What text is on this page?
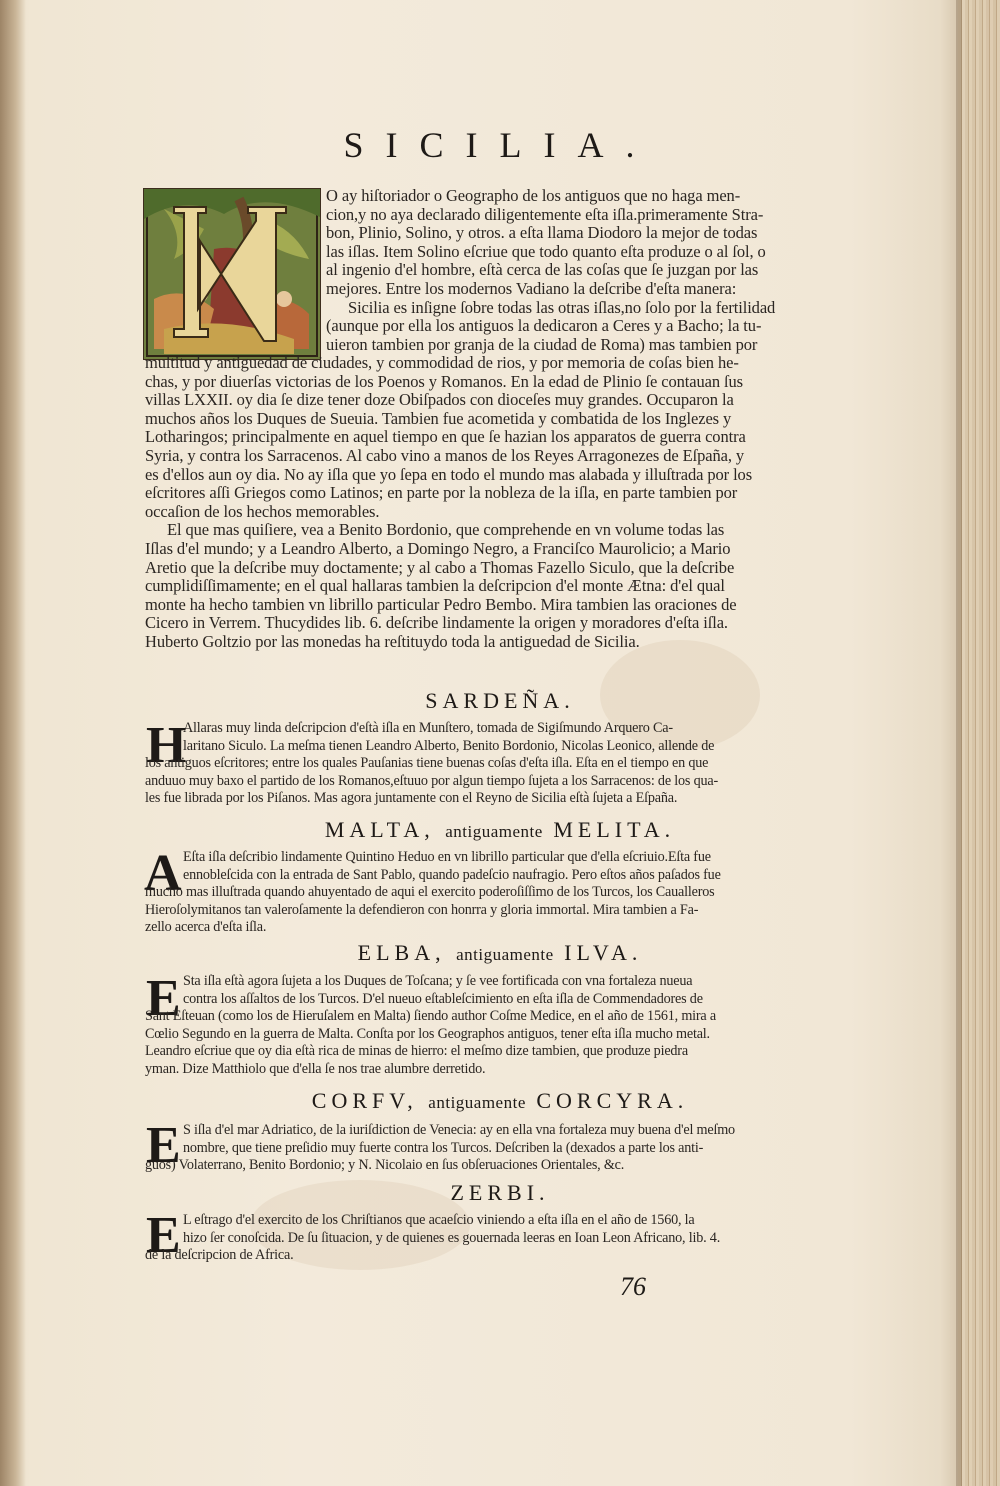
SICILIA.
O ay hiſtoriador o Geographo de los antiguos que no haga men-
cion,y no aya declarado diligentemente eſta iſla.primeramente Stra-
bon, Plinio, Solino, y otros. a eſta llama Diodoro la mejor de todas
las iſlas. Item Solino eſcriue que todo quanto eſta produze o al ſol, o
al ingenio d'el hombre, eſtà cerca de las coſas que ſe juzgan por las
mejores. Entre los modernos Vadiano la deſcribe d'eſta manera:
Sicilia es inſigne ſobre todas las otras iſlas,no ſolo por la fertilidad
(aunque por ella los antiguos la dedicaron a Ceres y a Bacho; la tu-
uieron tambien por granja de la ciudad de Roma) mas tambien por
multitud y antiguedad de ciudades, y commodidad de rios, y por memoria de coſas bien he-
chas, y por diuerſas victorias de los Poenos y Romanos. En la edad de Plinio ſe contauan ſus
villas LXXII. oy dia ſe dize tener doze Obiſpados con dioceſes muy grandes. Occuparon la
muchos años los Duques de Sueuia. Tambien fue acometida y combatida de los Inglezes y
Lotharingos; principalmente en aquel tiempo en que ſe hazian los apparatos de guerra contra
Syria, y contra los Sarracenos. Al cabo vino a manos de los Reyes Arragonezes de Eſpaña, y
es d'ellos aun oy dia. No ay iſla que yo ſepa en todo el mundo mas alabada y illuſtrada por los
eſcritores aſſi Griegos como Latinos; en parte por la nobleza de la iſla, en parte tambien por
occaſion de los hechos memorables.
El que mas quiſiere, vea a Benito Bordonio, que comprehende en vn volume todas las
Iſlas d'el mundo; y a Leandro Alberto, a Domingo Negro, a Franciſco Maurolicio; a Mario
Aretio que la deſcribe muy doctamente; y al cabo a Thomas Fazello Siculo, que la deſcribe
cumplidiſſimamente; en el qual hallaras tambien la deſcripcion d'el monte Ætna: d'el qual
monte ha hecho tambien vn librillo particular Pedro Bembo. Mira tambien las oraciones de
Cicero in Verrem. Thucydides lib. 6. deſcribe lindamente la origen y moradores d'eſta iſla.
Huberto Goltzio por las monedas ha reſtituydo toda la antiguedad de Sicilia.
SARDEÑA.
H
Allaras muy linda deſcripcion d'eſtà iſla en Munſtero, tomada de Sigiſmundo Arquero Ca-
laritano Siculo. La meſma tienen Leandro Alberto, Benito Bordonio, Nicolas Leonico, allende de
los antiguos eſcritores; entre los quales Pauſanias tiene buenas coſas d'eſta iſla. Eſta en el tiempo en que
anduuo muy baxo el partido de los Romanos,eſtuuo por algun tiempo ſujeta a los Sarracenos: de los qua-
les fue librada por los Piſanos. Mas agora juntamente con el Reyno de Sicilia eſtà ſujeta a Eſpaña.
MALTA, antiguamente MELITA.
A Eſta iſla deſcribio lindamente Quintino Heduo en vn librillo particular que d'ella eſcriuio.Eſta fue
ennobleſcida con la entrada de Sant Pablo, quando padeſcio naufragio. Pero eſtos años paſados fue
mucho mas illuſtrada quando ahuyentado de aqui el exercito poderoſiſſimo de los Turcos, los Caualleros
Hieroſolymitanos tan valeroſamente la defendieron con honrra y gloria immortal. Mira tambien a Fa-
zello acerca d'eſta iſla.
ELBA, antiguamente ILVA.
E Sta iſla eſtà agora ſujeta a los Duques de Toſcana; y ſe vee fortificada con vna fortaleza nueua
contra los aſſaltos de los Turcos. D'el nueuo eſtableſcimiento en eſta iſla de Commendadores de
Sant Eſteuan (como los de Hieruſalem en Malta) ſiendo author Coſme Medice, en el año de 1561, mira a
Cœlio Segundo en la guerra de Malta. Conſta por los Geographos antiguos, tener eſta iſla mucho metal.
Leandro eſcriue que oy dia eſtà rica de minas de hierro: el meſmo dize tambien, que produze piedra
yman. Dize Matthiolo que d'ella ſe nos trae alumbre derretido.
CORFV, antiguamente CORCYRA.
E S iſla d'el mar Adriatico, de la iuriſdiction de Venecia: ay en ella vna fortaleza muy buena d'el meſmo
nombre, que tiene preſidio muy fuerte contra los Turcos. Deſcriben la (dexados a parte los anti-
guos) Volaterrano, Benito Bordonio; y N. Nicolaio en ſus obſeruaciones Orientales, &c.
ZERBI.
E L eſtrago d'el exercito de los Chriſtianos que acaeſcio viniendo a eſta iſla en el año de 1560, la
hizo ſer conoſcida. De ſu ſituacion, y de quienes es gouernada leeras en Ioan Leon Africano, lib. 4.
de la deſcripcion de Africa.
76
